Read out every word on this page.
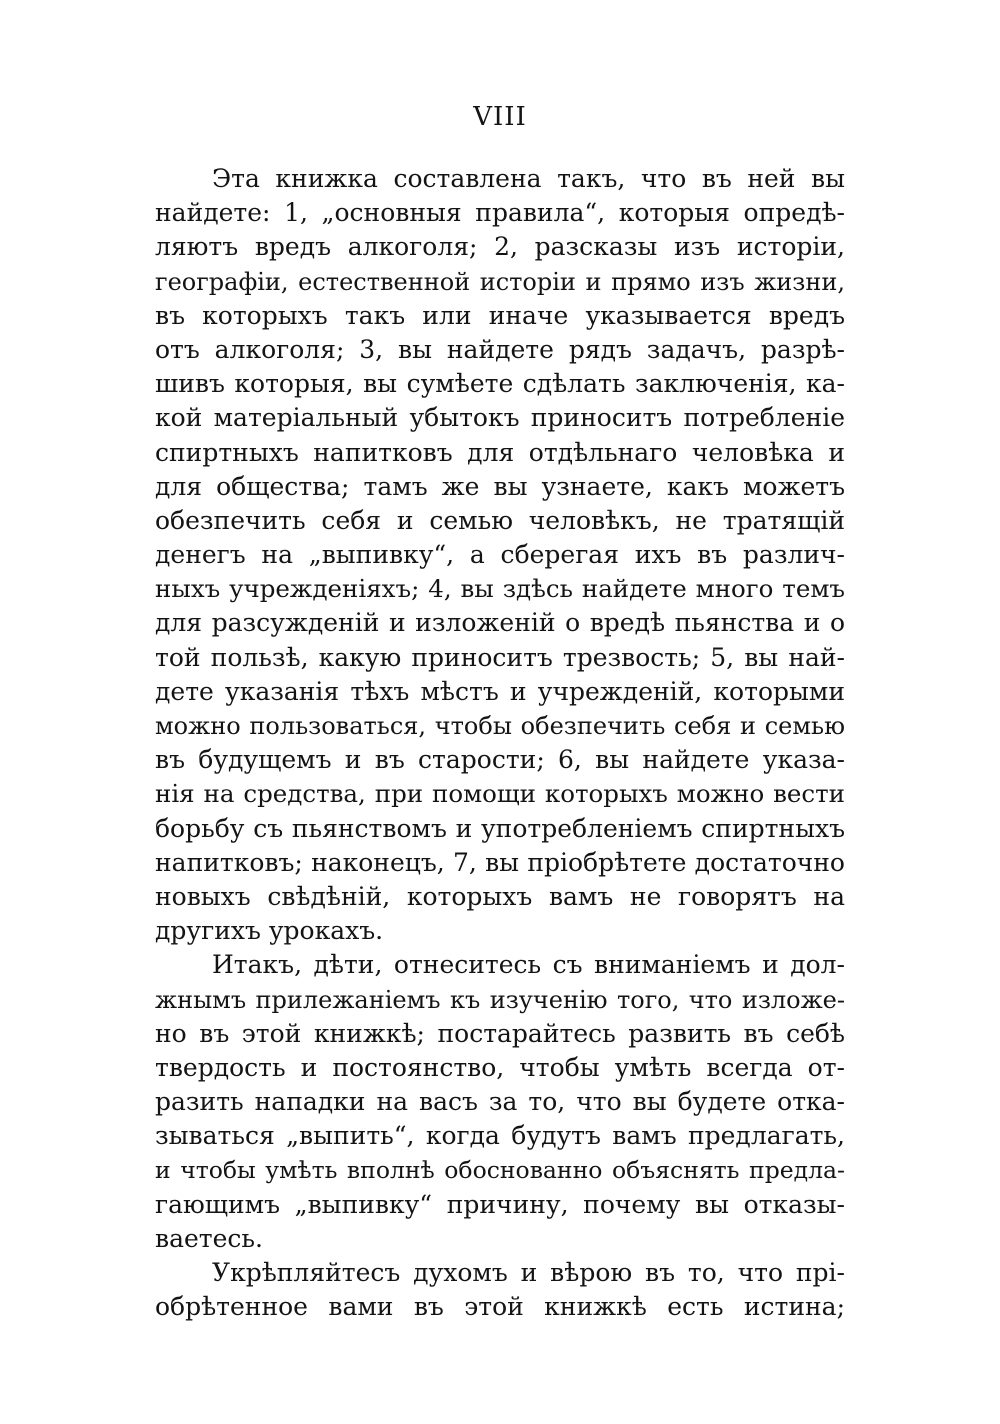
VIII
Эта книжка составлена такъ, что въ ней вы
найдете: 1, „основныя правила“, которыя опредѣ-
ляютъ вредъ алкоголя; 2, разсказы изъ исторіи,
географіи, естественной исторіи и прямо изъ жизни,
въ которыхъ такъ или иначе указывается вредъ
отъ алкоголя; 3, вы найдете рядъ задачъ, разрѣ-
шивъ которыя, вы сумѣете сдѣлать заключенія, ка-
кой матеріальный убытокъ приноситъ потребленіе
спиртныхъ напитковъ для отдѣльнаго человѣка и
для общества; тамъ же вы узнаете, какъ можетъ
обезпечить себя и семью человѣкъ, не тратящій
денегъ на „выпивку“, а сберегая ихъ въ различ-
ныхъ учрежденіяхъ; 4, вы здѣсь найдете много темъ
для разсужденій и изложеній о вредѣ пьянства и о
той пользѣ, какую приноситъ трезвость; 5, вы най-
дете указанія тѣхъ мѣстъ и учрежденій, которыми
можно пользоваться, чтобы обезпечить себя и семью
въ будущемъ и въ старости; 6, вы найдете указа-
нія на средства, при помощи которыхъ можно вести
борьбу съ пьянствомъ и употребленіемъ спиртныхъ
напитковъ; наконецъ, 7, вы пріобрѣтете достаточно
новыхъ свѣдѣній, которыхъ вамъ не говорятъ на
другихъ урокахъ.
Итакъ, дѣти, отнеситесь съ вниманіемъ и дол-
жнымъ прилежаніемъ къ изученію того, что изложе-
но въ этой книжкѣ; постарайтесь развить въ себѣ
твердость и постоянство, чтобы умѣть всегда от-
разить нападки на васъ за то, что вы будете отка-
зываться „выпить“, когда будутъ вамъ предлагать,
и чтобы умѣть вполнѣ обоснованно объяснять предла-
гающимъ „выпивку“ причину, почему вы отказы-
ваетесь.
Укрѣпляйтесъ духомъ и вѣрою въ то, что прі-
обрѣтенное вами въ этой книжкѣ есть истина;
